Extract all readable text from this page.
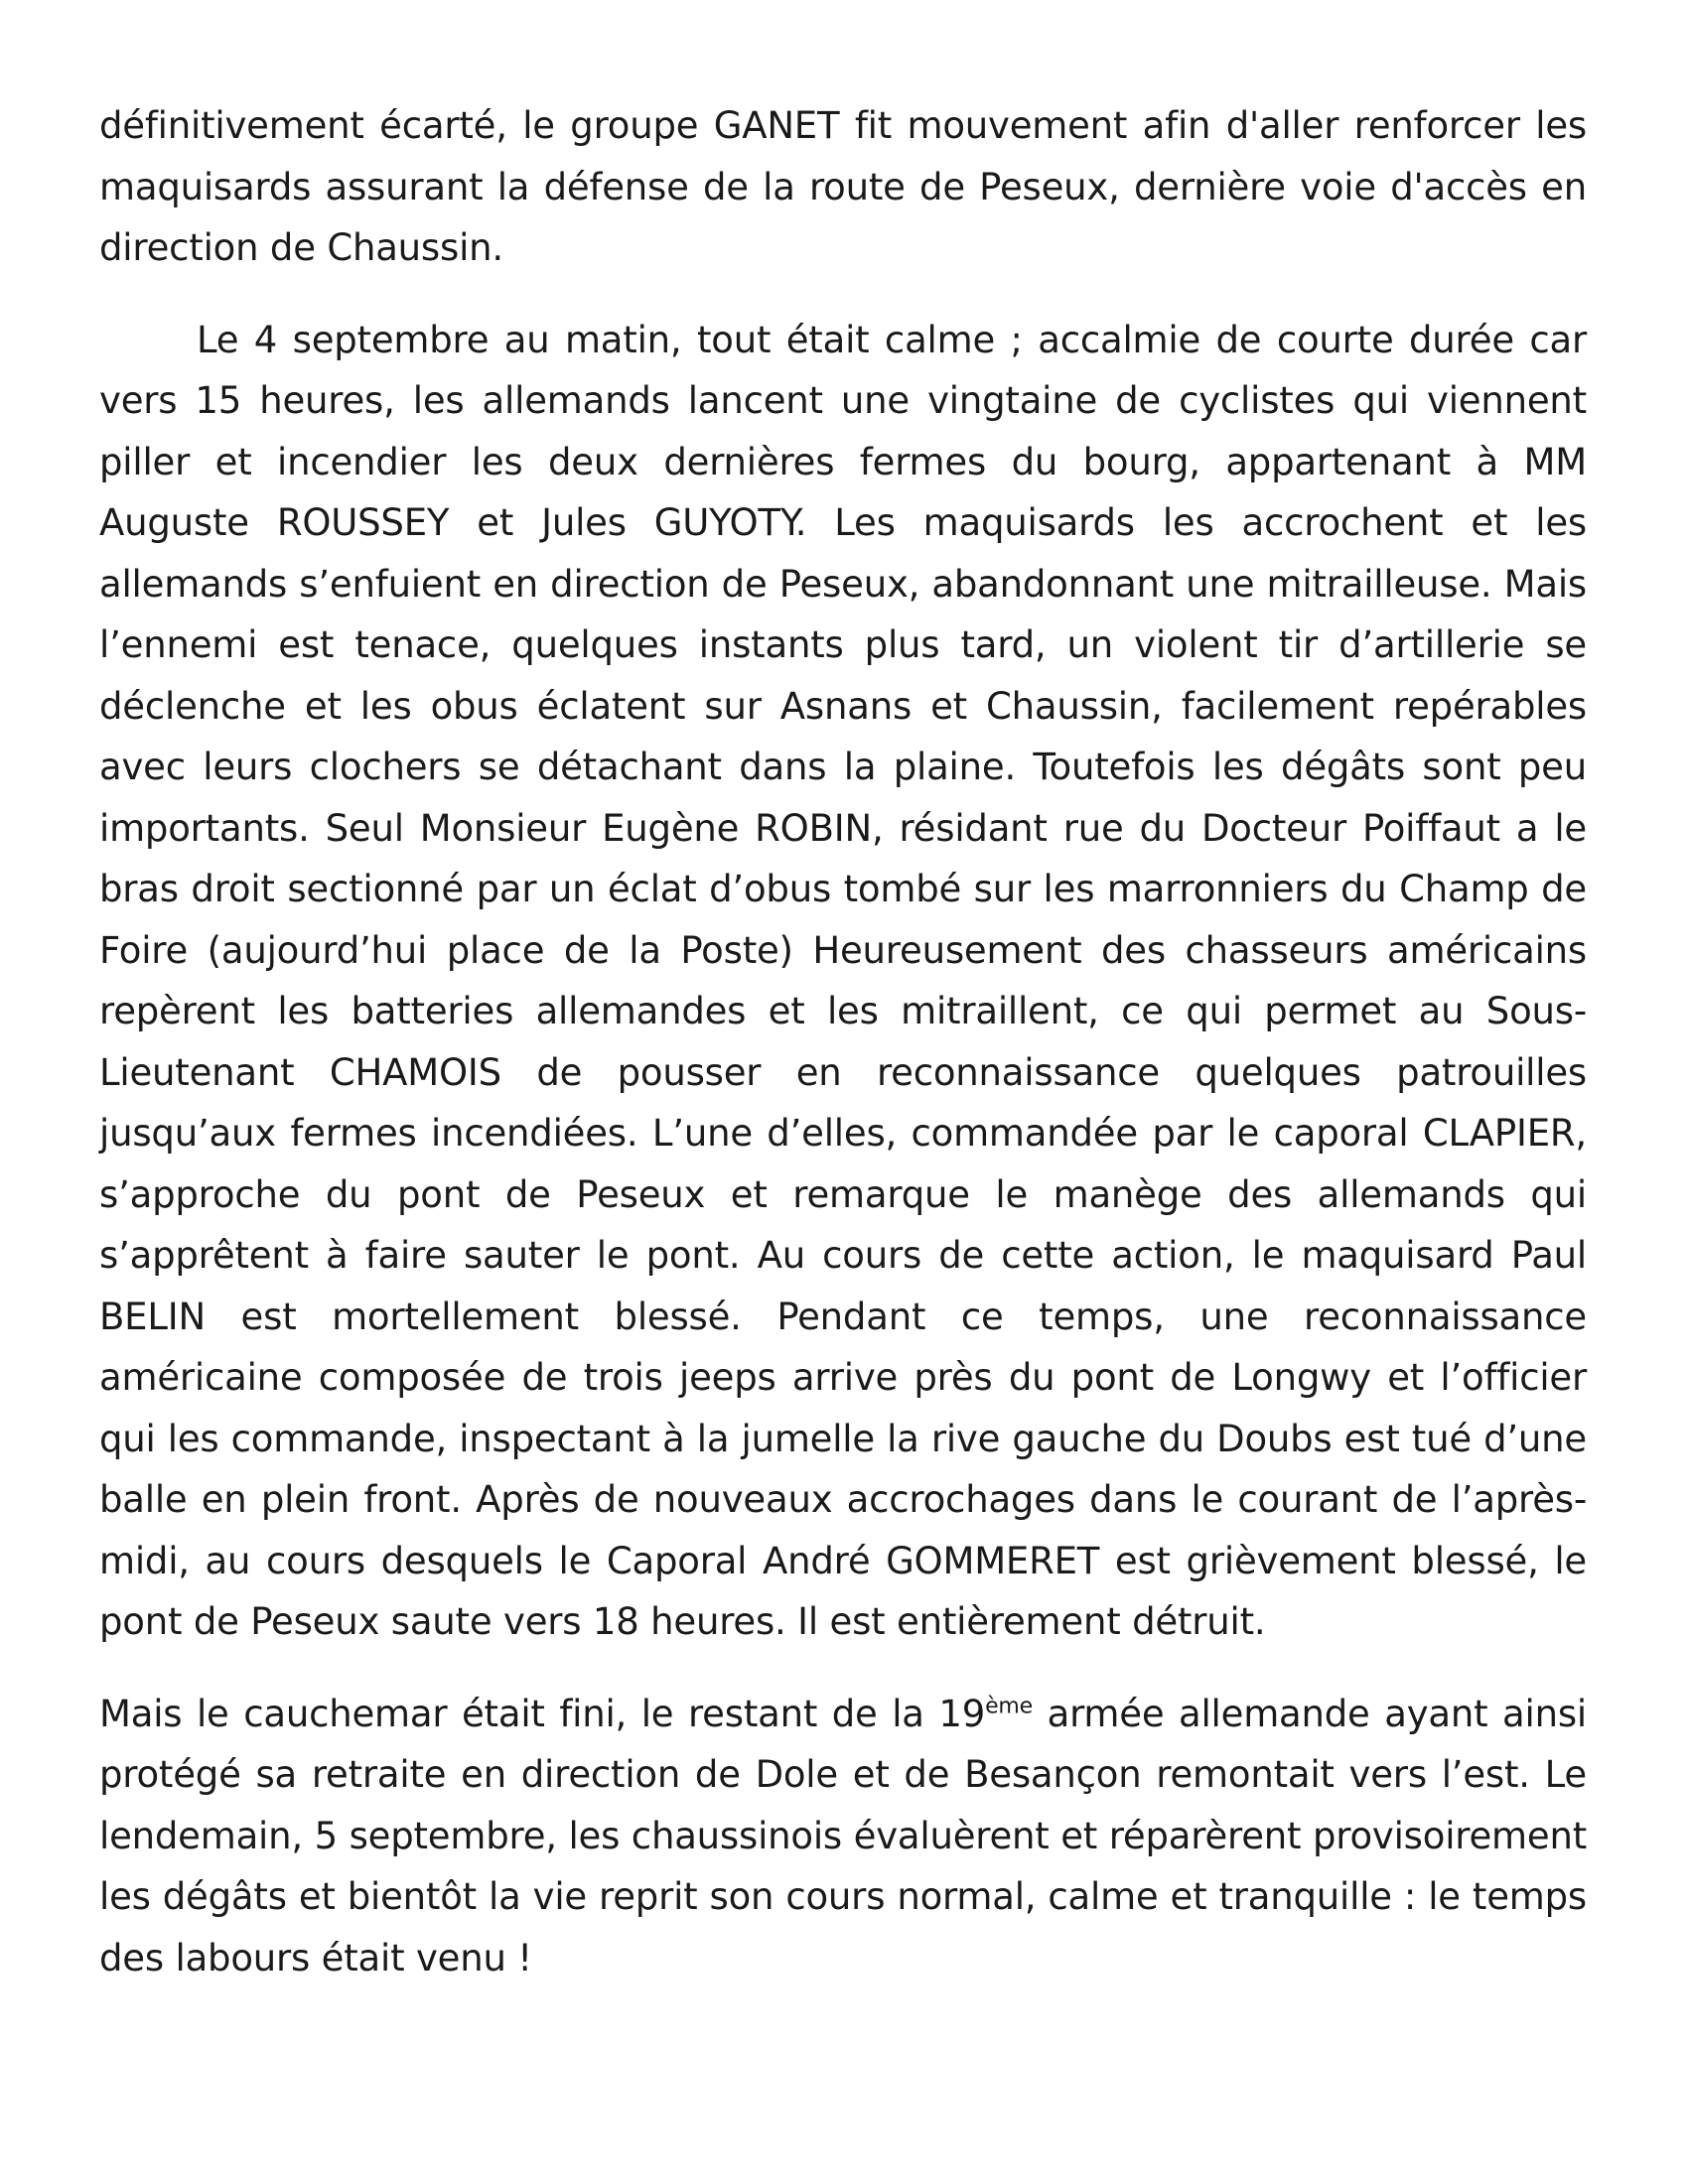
définitivement écarté, le groupe GANET fit mouvement afin d'aller renforcer les maquisards assurant la défense de la route de Peseux, dernière voie d'accès en direction de Chaussin.

Le 4 septembre au matin, tout était calme ; accalmie de courte durée car vers 15 heures, les allemands lancent une vingtaine de cyclistes qui viennent piller et incendier les deux dernières fermes du bourg, appartenant à MM Auguste ROUSSEY et Jules GUYOTY. Les maquisards les accrochent et les allemands s’enfuient en direction de Peseux, abandonnant une mitrailleuse. Mais l’ennemi est tenace, quelques instants plus tard, un violent tir d’artillerie se déclenche et les obus éclatent sur Asnans et Chaussin, facilement repérables avec leurs clochers se détachant dans la plaine. Toutefois les dégâts sont peu importants. Seul Monsieur Eugène ROBIN, résidant rue du Docteur Poiffaut a le bras droit sectionné par un éclat d’obus tombé sur les marronniers du Champ de Foire (aujourd’hui place de la Poste) Heureusement des chasseurs américains repèrent les batteries allemandes et les mitraillent, ce qui permet au Sous-Lieutenant CHAMOIS de pousser en reconnaissance quelques patrouilles jusqu’aux fermes incendiées. L’une d’elles, commandée par le caporal CLAPIER, s’approche du pont de Peseux et remarque le manège des allemands qui s’apprêtent à faire sauter le pont. Au cours de cette action, le maquisard Paul BELIN est mortellement blessé. Pendant ce temps, une reconnaissance américaine composée de trois jeeps arrive près du pont de Longwy et l’officier qui les commande, inspectant à la jumelle la rive gauche du Doubs est tué d’une balle en plein front. Après de nouveaux accrochages dans le courant de l’après-midi, au cours desquels le Caporal André GOMMERET est grièvement blessé, le pont de Peseux saute vers 18 heures. Il est entièrement détruit.

Mais le cauchemar était fini, le restant de la 19ème armée allemande ayant ainsi protégé sa retraite en direction de Dole et de Besançon remontait vers l’est. Le lendemain, 5 septembre, les chaussinois évaluèrent et réparèrent provisoirement les dégâts et bientôt la vie reprit son cours normal, calme et tranquille : le temps des labours était venu !
